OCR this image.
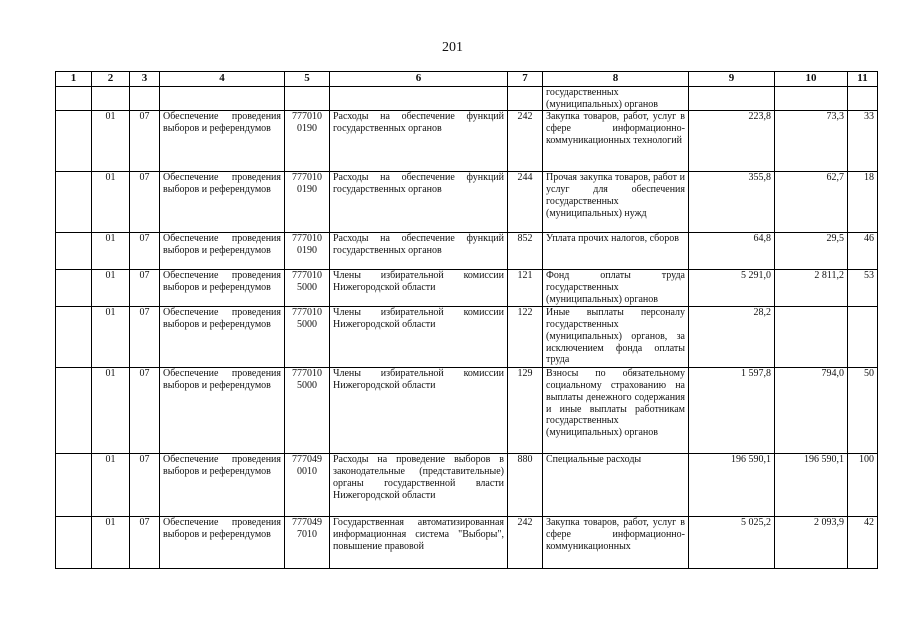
201
1	2	3	4	5	6	7	8	9	10	11
							государственных (муниципальных) органов			
	01	07	Обеспечение проведения выборов и референдумов	777010 0190	Расходы на обеспечение функций государственных органов	242	Закупка товаров, работ, услуг в сфере информационно-коммуникационных технологий	223,8	73,3	33
	01	07	Обеспечение проведения выборов и референдумов	777010 0190	Расходы на обеспечение функций государственных органов	244	Прочая закупка товаров, работ и услуг для обеспечения государственных (муниципальных) нужд	355,8	62,7	18
	01	07	Обеспечение проведения выборов и референдумов	777010 0190	Расходы на обеспечение функций государственных органов	852	Уплата прочих налогов, сборов	64,8	29,5	46
	01	07	Обеспечение проведения выборов и референдумов	777010 5000	Члены избирательной комиссии Нижегородской области	121	Фонд оплаты труда государственных (муниципальных) органов	5 291,0	2 811,2	53
	01	07	Обеспечение проведения выборов и референдумов	777010 5000	Члены избирательной комиссии Нижегородской области	122	Иные выплаты персоналу государственных (муниципальных) органов, за исключением фонда оплаты труда	28,2		
	01	07	Обеспечение проведения выборов и референдумов	777010 5000	Члены избирательной комиссии Нижегородской области	129	Взносы по обязательному социальному страхованию на выплаты денежного содержания и иные выплаты работникам государственных (муниципальных) органов	1 597,8	794,0	50
	01	07	Обеспечение проведения выборов и референдумов	777049 0010	Расходы на проведение выборов в законодательные (представительные) органы государственной власти Нижегородской области	880	Специальные расходы	196 590,1	196 590,1	100
	01	07	Обеспечение проведения выборов и референдумов	777049 7010	Государственная автоматизированная информационная система "Выборы", повышение правовой	242	Закупка товаров, работ, услуг в сфере информационно-коммуникационных	5 025,2	2 093,9	42
